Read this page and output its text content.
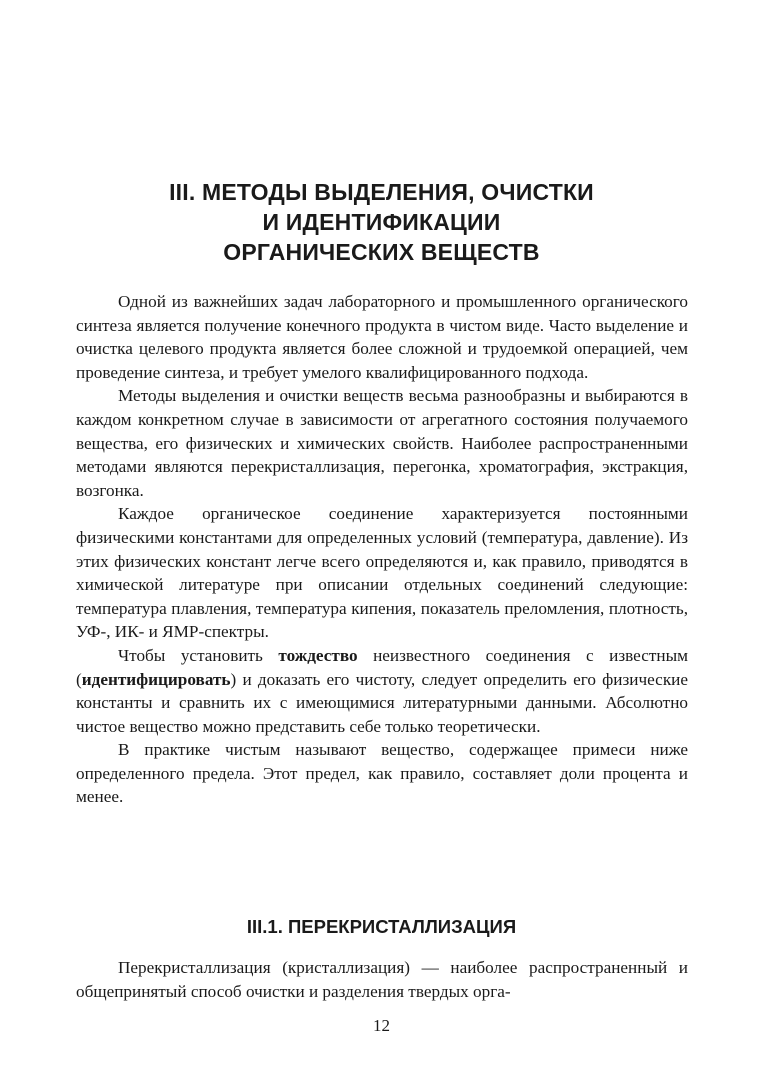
III. МЕТОДЫ ВЫДЕЛЕНИЯ, ОЧИСТКИ
И ИДЕНТИФИКАЦИИ
ОРГАНИЧЕСКИХ ВЕЩЕСТВ

Одной из важнейших задач лабораторного и промышленного органического синтеза является получение конечного продукта в чистом виде. Часто выделение и очистка целевого продукта является более сложной и трудоемкой операцией, чем проведение синтеза, и требует умелого квалифицированного подхода.

Методы выделения и очистки веществ весьма разнообразны и выбираются в каждом конкретном случае в зависимости от агрегатного состояния получаемого вещества, его физических и химических свойств. Наиболее распространенными методами являются перекристаллизация, перегонка, хроматография, экстракция, возгонка.

Каждое органическое соединение характеризуется постоянными физическими константами для определенных условий (температура, давление). Из этих физических констант легче всего определяются и, как правило, приводятся в химической литературе при описании отдельных соединений следующие: температура плавления, температура кипения, показатель преломления, плотность, УФ-, ИК- и ЯМР-спектры.

Чтобы установить тождество неизвестного соединения с известным (идентифицировать) и доказать его чистоту, следует определить его физические константы и сравнить их с имеющимися литературными данными. Абсолютно чистое вещество можно представить себе только теоретически.

В практике чистым называют вещество, содержащее примеси ниже определенного предела. Этот предел, как правило, составляет доли процента и менее.

III.1. ПЕРЕКРИСТАЛЛИЗАЦИЯ

Перекристаллизация (кристаллизация) — наиболее распространенный и общепринятый способ очистки и разделения твердых орга-

12
